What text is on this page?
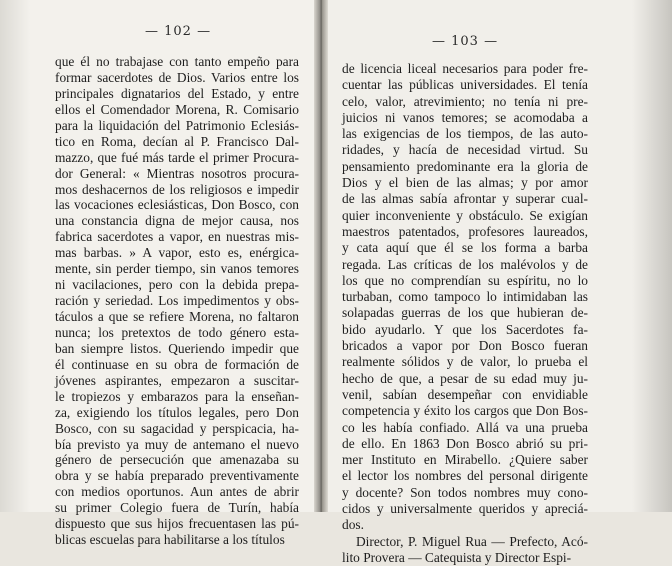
— 102 —
que él no trabajase con tanto empeño para
formar sacerdotes de Dios. Varios entre los
principales dignatarios del Estado, y entre
ellos el Comendador Morena, R. Comisario
para la liquidación del Patrimonio Eclesiás-
tico en Roma, decían al P. Francisco Dal-
mazzo, que fué más tarde el primer Procura-
dor General: « Mientras nosotros procura-
mos deshacernos de los religiosos e impedir
las vocaciones eclesiásticas, Don Bosco, con
una constancia digna de mejor causa, nos
fabrica sacerdotes a vapor, en nuestras mis-
mas barbas. » A vapor, esto es, enérgica-
mente, sin perder tiempo, sin vanos temores
ni vacilaciones, pero con la debida prepa-
ración y seriedad. Los impedimentos y obs-
táculos a que se refiere Morena, no faltaron
nunca; los pretextos de todo género esta-
ban siempre listos. Queriendo impedir que
él continuase en su obra de formación de
jóvenes aspirantes, empezaron a suscitar-
le tropiezos y embarazos para la enseñan-
za, exigiendo los títulos legales, pero Don
Bosco, con su sagacidad y perspicacia, ha-
bía previsto ya muy de antemano el nuevo
género de persecución que amenazaba su
obra y se había preparado preventivamente
con medios oportunos. Aun antes de abrir
su primer Colegio fuera de Turín, había
dispuesto que sus hijos frecuentasen las pú-
blicas escuelas para habilitarse a los títulos
— 103 —
de licencia liceal necesarios para poder fre-
cuentar las públicas universidades. El tenía
celo, valor, atrevimiento; no tenía ni pre-
juicios ni vanos temores; se acomodaba a
las exigencias de los tiempos, de las auto-
ridades, y hacía de necesidad virtud. Su
pensamiento predominante era la gloria de
Dios y el bien de las almas; y por amor
de las almas sabía afrontar y superar cual-
quier inconveniente y obstáculo. Se exigían
maestros patentados, profesores laureados,
y cata aquí que él se los forma a barba
regada. Las críticas de los malévolos y de
los que no comprendían su espíritu, no lo
turbaban, como tampoco lo intimidaban las
solapadas guerras de los que hubieran de-
bido ayudarlo. Y que los Sacerdotes fa-
bricados a vapor por Don Bosco fueran
realmente sólidos y de valor, lo prueba el
hecho de que, a pesar de su edad muy ju-
venil, sabían desempeñar con envidiable
competencia y éxito los cargos que Don Bos-
co les había confiado. Allá va una prueba
de ello. En 1863 Don Bosco abrió su pri-
mer Instituto en Mirabello. ¿Quiere saber
el lector los nombres del personal dirigente
y docente? Son todos nombres muy cono-
cidos y universalmente queridos y apreciá-
dos.
Director, P. Miguel Rua — Prefecto, Acó-
lito Provera — Catequista y Director Espi-
